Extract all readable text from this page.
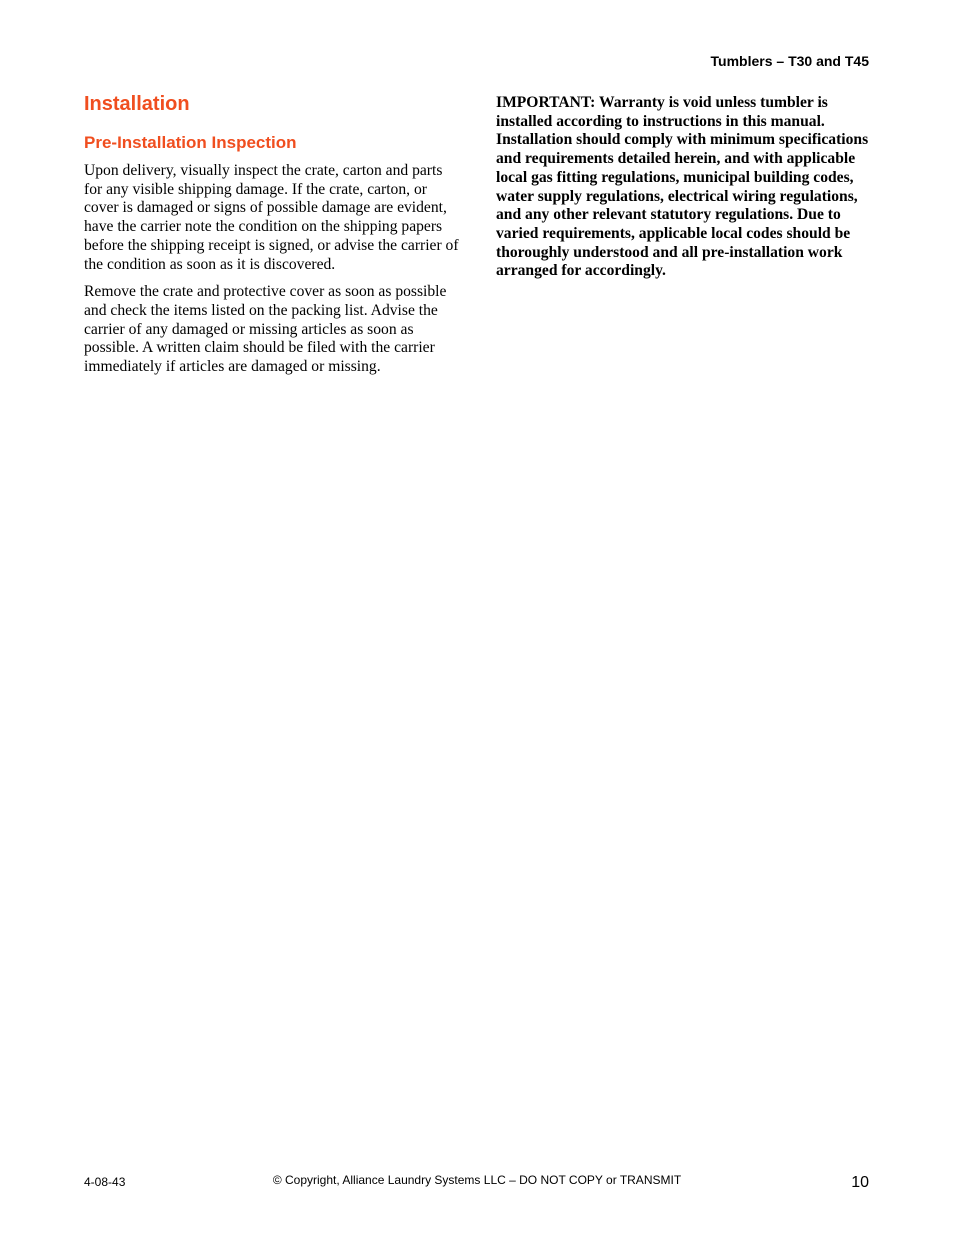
Tumblers – T30 and T45
Installation
Pre-Installation Inspection

Upon delivery, visually inspect the crate, carton and parts for any visible shipping damage. If the crate, carton, or cover is damaged or signs of possible damage are evident, have the carrier note the condition on the shipping papers before the shipping receipt is signed, or advise the carrier of the condition as soon as it is discovered.

Remove the crate and protective cover as soon as possible and check the items listed on the packing list. Advise the carrier of any damaged or missing articles as soon as possible. A written claim should be filed with the carrier immediately if articles are damaged or missing.

IMPORTANT: Warranty is void unless tumbler is installed according to instructions in this manual. Installation should comply with minimum specifications and requirements detailed herein, and with applicable local gas fitting regulations, municipal building codes, water supply regulations, electrical wiring regulations, and any other relevant statutory regulations. Due to varied requirements, applicable local codes should be thoroughly understood and all pre-installation work arranged for accordingly.

4-08-43	© Copyright, Alliance Laundry Systems LLC – DO NOT COPY or TRANSMIT	10
